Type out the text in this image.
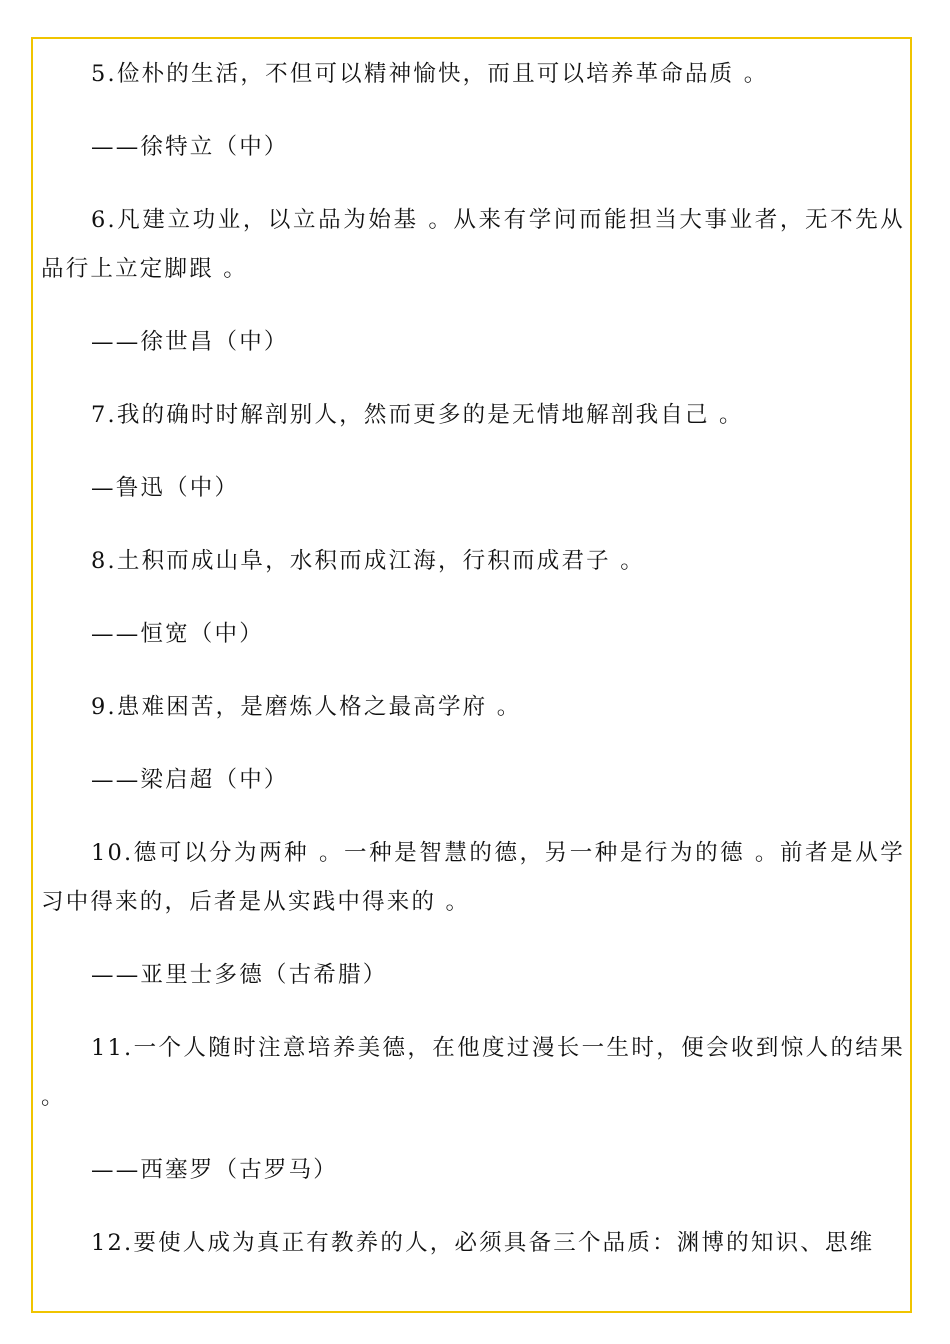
5.俭朴的生活，不但可以精神愉快，而且可以培养革命品质 。

——徐特立（中）

6.凡建立功业，以立品为始基 。从来有学问而能担当大事业者，无不先从品行上立定脚跟 。

——徐世昌（中）

7.我的确时时解剖别人，然而更多的是无情地解剖我自己 。

—鲁迅（中）

8.土积而成山阜，水积而成江海，行积而成君子 。

——恒宽（中）

9.患难困苦，是磨炼人格之最高学府 。

——梁启超（中）

10.德可以分为两种 。一种是智慧的德，另一种是行为的德 。前者是从学习中得来的，后者是从实践中得来的 。

——亚里士多德（古希腊）

11.一个人随时注意培养美德，在他度过漫长一生时，便会收到惊人的结果 。

——西塞罗（古罗马）

12.要使人成为真正有教养的人，必须具备三个品质：渊博的知识、思维
